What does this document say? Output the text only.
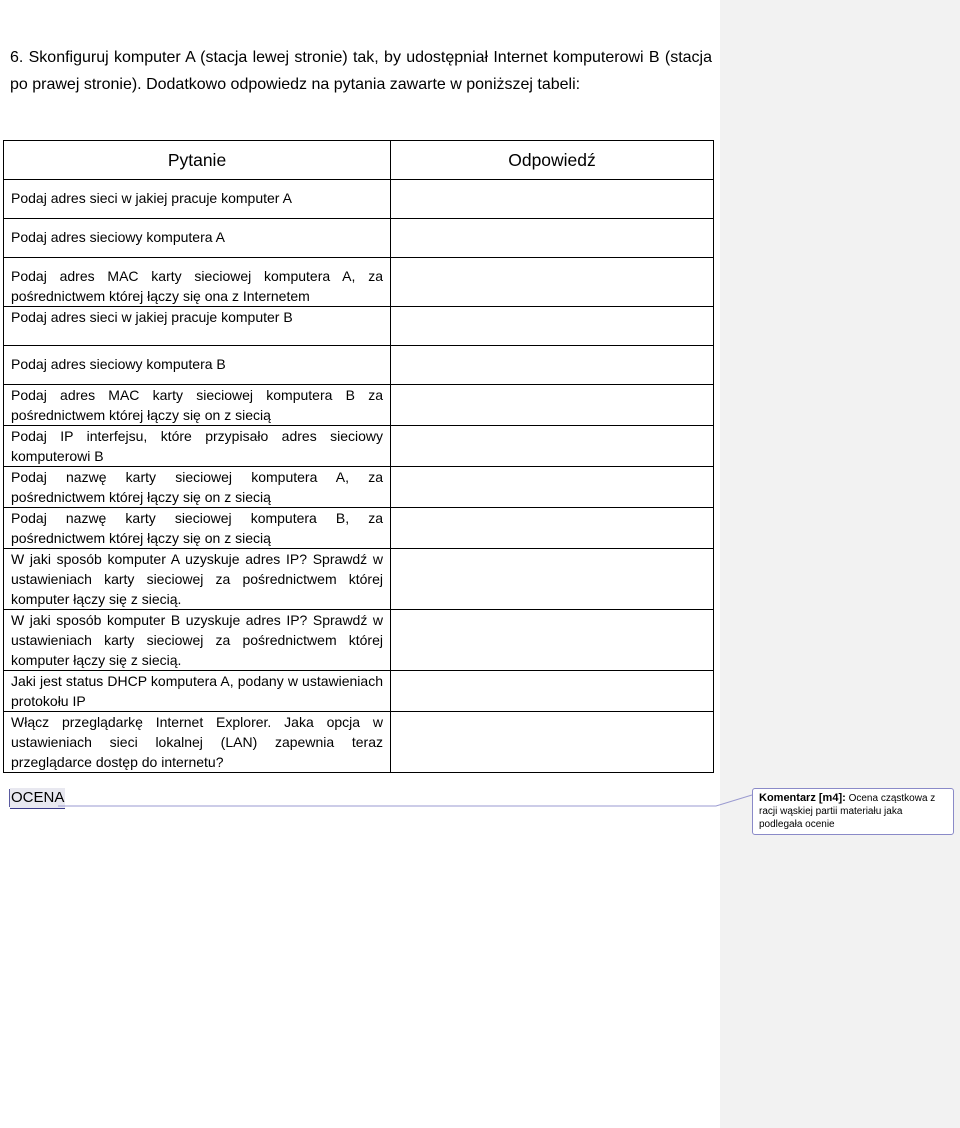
6. Skonfiguruj komputer A (stacja lewej stronie) tak, by udostępniał Internet komputerowi B (stacja po prawej stronie). Dodatkowo odpowiedz na pytania zawarte w poniższej tabeli:
Pytanie	Odpowiedź
Podaj adres sieci w jakiej pracuje komputer A	
Podaj adres sieciowy komputera A	
Podaj adres MAC karty sieciowej komputera A, za pośrednictwem której łączy się ona z Internetem	
Podaj adres sieci w jakiej pracuje komputer B	
Podaj adres sieciowy komputera B	
Podaj adres MAC karty sieciowej komputera B za pośrednictwem której łączy się on z siecią	
Podaj IP interfejsu, które przypisało adres sieciowy komputerowi B	
Podaj nazwę karty sieciowej komputera A, za pośrednictwem której łączy się on z siecią	
Podaj nazwę karty sieciowej komputera B, za pośrednictwem której łączy się on z siecią	
W jaki sposób komputer A uzyskuje adres IP? Sprawdź w ustawieniach karty sieciowej za pośrednictwem której komputer łączy się z siecią.	
W jaki sposób komputer B uzyskuje adres IP? Sprawdź w ustawieniach karty sieciowej za pośrednictwem której komputer łączy się z siecią.	
Jaki jest status DHCP komputera A, podany w ustawieniach protokołu IP	
Włącz przeglądarkę Internet Explorer. Jaka opcja w ustawieniach sieci lokalnej (LAN) zapewnia teraz przeglądarce dostęp do internetu?	
OCENA	Komentarz [m4]: Ocena cząstkowa z racji wąskiej partii materiału jaka podlegała ocenie
